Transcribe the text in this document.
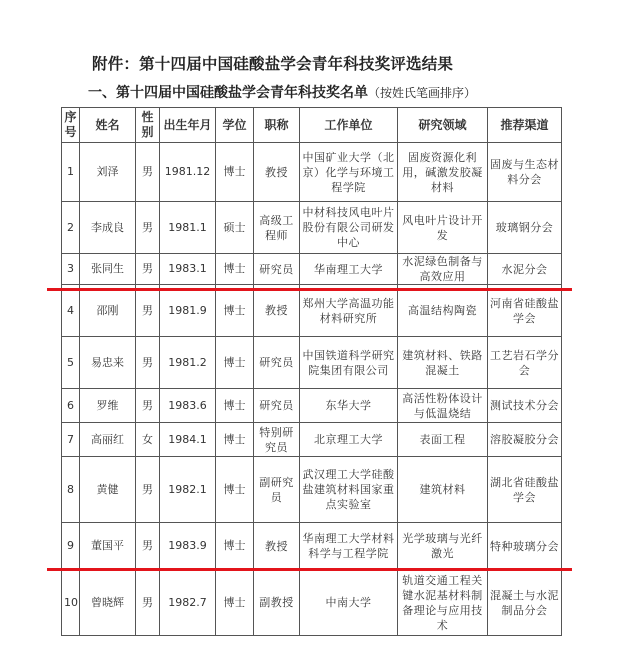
附件：第十四届中国硅酸盐学会青年科技奖评选结果
一、第十四届中国硅酸盐学会青年科技奖名单（按姓氏笔画排序）
序号	姓名	性别	出生年月	学位	职称	工作单位	研究领域	推荐渠道
1	刘泽	男	1981.12	博士	教授	中国矿业大学（北京）化学与环境工程学院	固废资源化利用，碱激发胶凝材料	固废与生态材料分会
2	李成良	男	1981.1	硕士	高级工程师	中材科技风电叶片股份有限公司研发中心	风电叶片设计开发	玻璃钢分会
3	张同生	男	1983.1	博士	研究员	华南理工大学	水泥绿色制备与高效应用	水泥分会
4	邵刚	男	1981.9	博士	教授	郑州大学高温功能材料研究所	高温结构陶瓷	河南省硅酸盐学会
5	易忠来	男	1981.2	博士	研究员	中国铁道科学研究院集团有限公司	建筑材料、铁路混凝土	工艺岩石学分会
6	罗维	男	1983.6	博士	研究员	东华大学	高活性粉体设计与低温烧结	测试技术分会
7	高丽红	女	1984.1	博士	特别研究员	北京理工大学	表面工程	溶胶凝胶分会
8	黄健	男	1982.1	博士	副研究员	武汉理工大学硅酸盐建筑材料国家重点实验室	建筑材料	湖北省硅酸盐学会
9	董国平	男	1983.9	博士	教授	华南理工大学材料科学与工程学院	光学玻璃与光纤激光	特种玻璃分会
10	曾晓辉	男	1982.7	博士	副教授	中南大学	轨道交通工程关键水泥基材料制备理论与应用技术	混凝土与水泥制品分会
